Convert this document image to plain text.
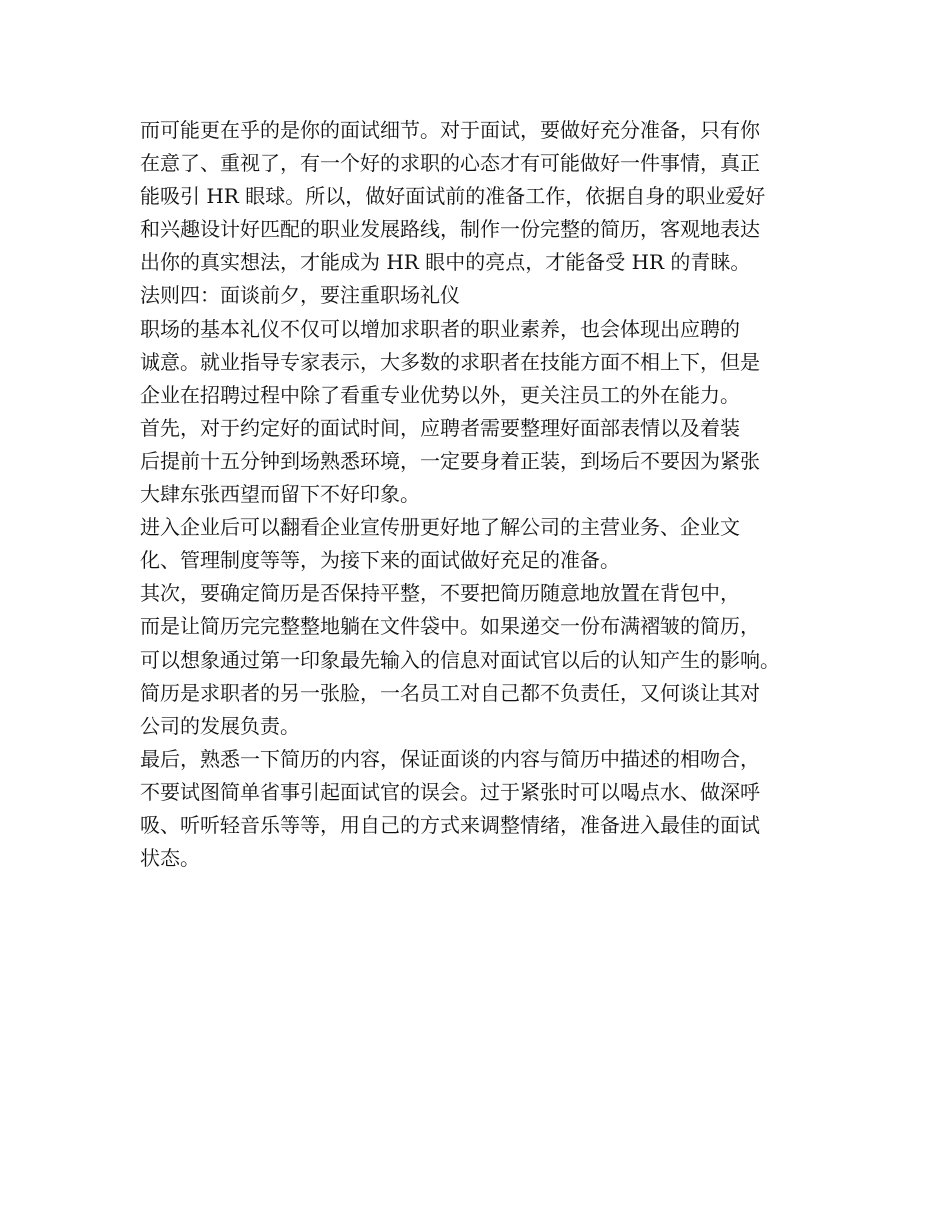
而可能更在乎的是你的面试细节。对于面试，要做好充分准备，只有你
在意了、重视了，有一个好的求职的心态才有可能做好一件事情，真正
能吸引 HR 眼球。所以，做好面试前的准备工作，依据自身的职业爱好
和兴趣设计好匹配的职业发展路线，制作一份完整的简历，客观地表达
出你的真实想法，才能成为 HR 眼中的亮点，才能备受 HR 的青睐。

法则四：面谈前夕，要注重职场礼仪

职场的基本礼仪不仅可以增加求职者的职业素养，也会体现出应聘的
诚意。就业指导专家表示，大多数的求职者在技能方面不相上下，但是
企业在招聘过程中除了看重专业优势以外，更关注员工的外在能力。

首先，对于约定好的面试时间，应聘者需要整理好面部表情以及着装
后提前十五分钟到场熟悉环境，一定要身着正装，到场后不要因为紧张
大肆东张西望而留下不好印象。

进入企业后可以翻看企业宣传册更好地了解公司的主营业务、企业文
化、管理制度等等，为接下来的面试做好充足的准备。

其次，要确定简历是否保持平整，不要把简历随意地放置在背包中，
而是让简历完完整整地躺在文件袋中。如果递交一份布满褶皱的简历，
可以想象通过第一印象最先输入的信息对面试官以后的认知产生的影响。
简历是求职者的另一张脸，一名员工对自己都不负责任，又何谈让其对
公司的发展负责。

最后，熟悉一下简历的内容，保证面谈的内容与简历中描述的相吻合，
不要试图简单省事引起面试官的误会。过于紧张时可以喝点水、做深呼
吸、听听轻音乐等等，用自己的方式来调整情绪，准备进入最佳的面试
状态。
